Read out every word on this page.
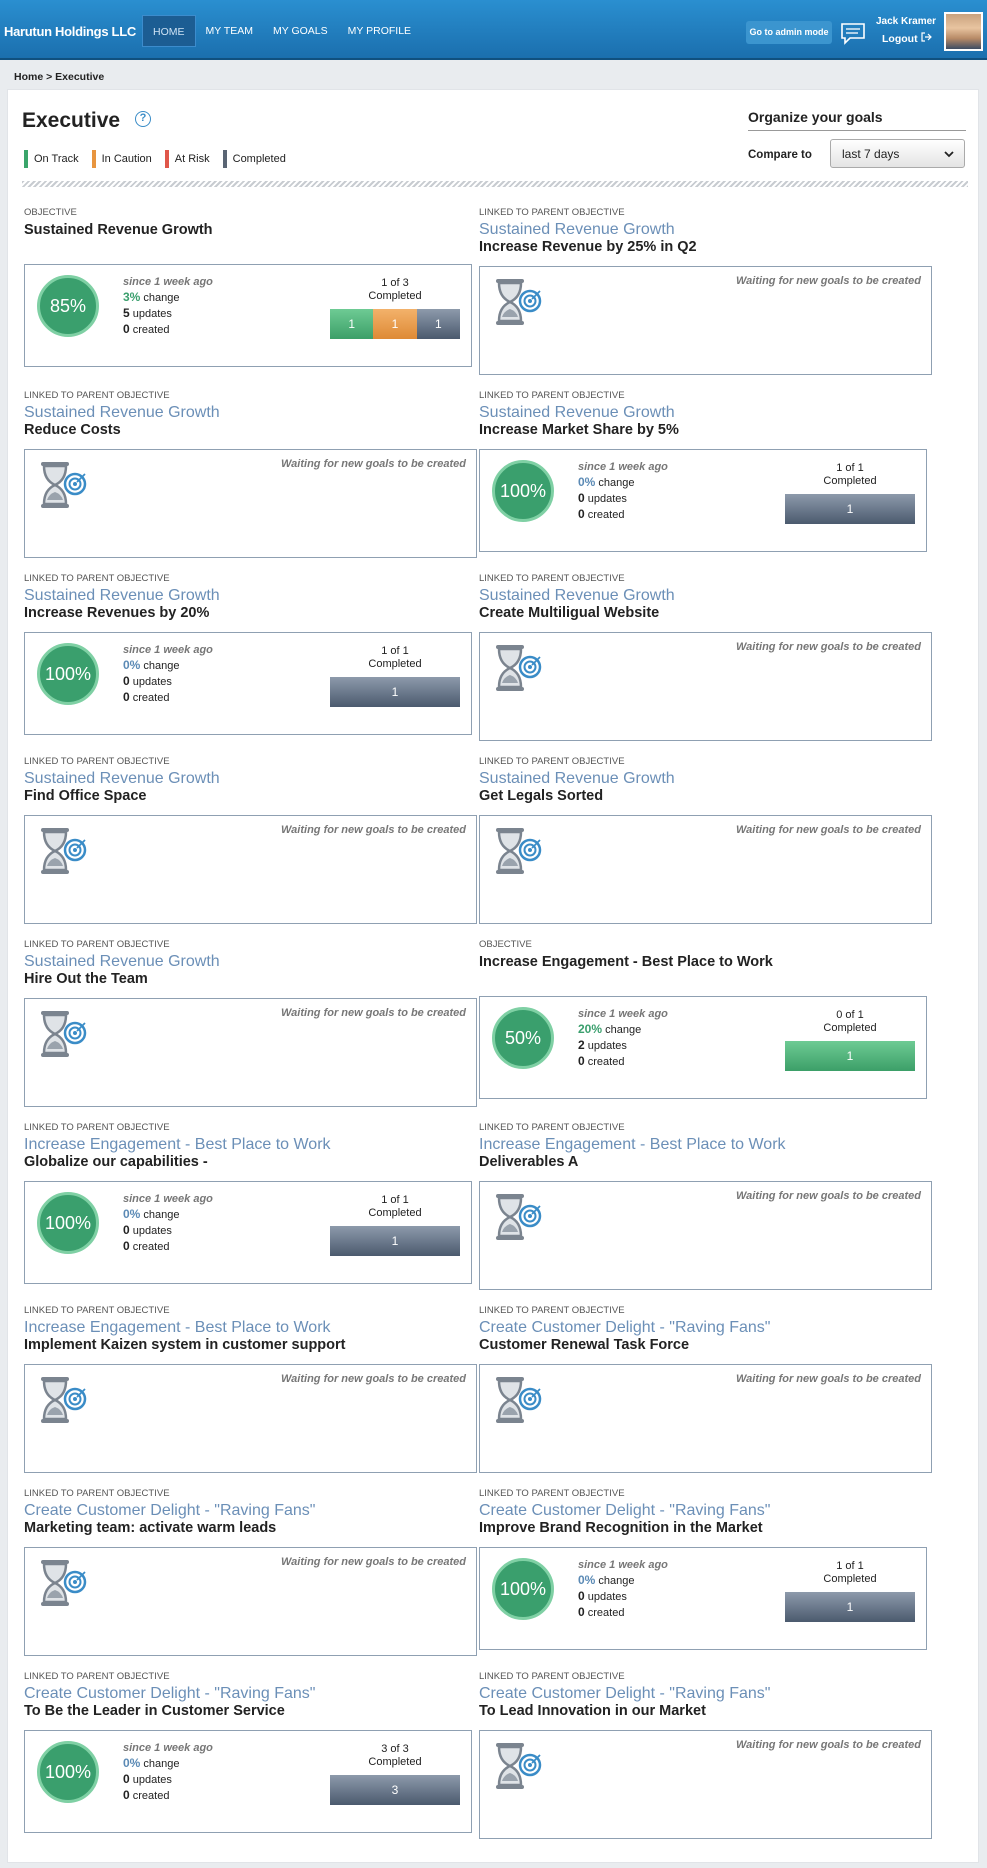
Harutun Holdings LLC	HOME	MY TEAM	MY GOALS	MY PROFILE	Go to admin mode
Jack Kramer
Logout
Home > Executive
Executive	?
On Track In Caution At Risk Completed
Organize your goals
Compare to	last 7 days
OBJECTIVE
Sustained Revenue Growth
85%
since 1 week ago
3% change
5 updates
0 created
1 of 3
Completed
1	1	1
LINKED TO PARENT OBJECTIVE
Sustained Revenue Growth
Increase Revenue by 25% in Q2
Waiting for new goals to be created
LINKED TO PARENT OBJECTIVE
Sustained Revenue Growth
Reduce Costs
Waiting for new goals to be created
LINKED TO PARENT OBJECTIVE
Sustained Revenue Growth
Increase Market Share by 5%
100%
since 1 week ago
0% change
0 updates
0 created
1 of 1
Completed
1
LINKED TO PARENT OBJECTIVE
Sustained Revenue Growth
Increase Revenues by 20%
100%
since 1 week ago
0% change
0 updates
0 created
1 of 1
Completed
1
LINKED TO PARENT OBJECTIVE
Sustained Revenue Growth
Create Multiligual Website
Waiting for new goals to be created
LINKED TO PARENT OBJECTIVE
Sustained Revenue Growth
Find Office Space
Waiting for new goals to be created
LINKED TO PARENT OBJECTIVE
Sustained Revenue Growth
Get Legals Sorted
Waiting for new goals to be created
LINKED TO PARENT OBJECTIVE
Sustained Revenue Growth
Hire Out the Team
Waiting for new goals to be created
OBJECTIVE
Increase Engagement - Best Place to Work
50%
since 1 week ago
20% change
2 updates
0 created
0 of 1
Completed
1
LINKED TO PARENT OBJECTIVE
Increase Engagement - Best Place to Work
Globalize our capabilities -
100%
since 1 week ago
0% change
0 updates
0 created
1 of 1
Completed
1
LINKED TO PARENT OBJECTIVE
Increase Engagement - Best Place to Work
Deliverables A
Waiting for new goals to be created
LINKED TO PARENT OBJECTIVE
Increase Engagement - Best Place to Work
Implement Kaizen system in customer support
Waiting for new goals to be created
LINKED TO PARENT OBJECTIVE
Create Customer Delight - "Raving Fans"
Customer Renewal Task Force
Waiting for new goals to be created
LINKED TO PARENT OBJECTIVE
Create Customer Delight - "Raving Fans"
Marketing team: activate warm leads
Waiting for new goals to be created
LINKED TO PARENT OBJECTIVE
Create Customer Delight - "Raving Fans"
Improve Brand Recognition in the Market
100%
since 1 week ago
0% change
0 updates
0 created
1 of 1
Completed
1
LINKED TO PARENT OBJECTIVE
Create Customer Delight - "Raving Fans"
To Be the Leader in Customer Service
100%
since 1 week ago
0% change
0 updates
0 created
3 of 3
Completed
3
LINKED TO PARENT OBJECTIVE
Create Customer Delight - "Raving Fans"
To Lead Innovation in our Market
Waiting for new goals to be created
